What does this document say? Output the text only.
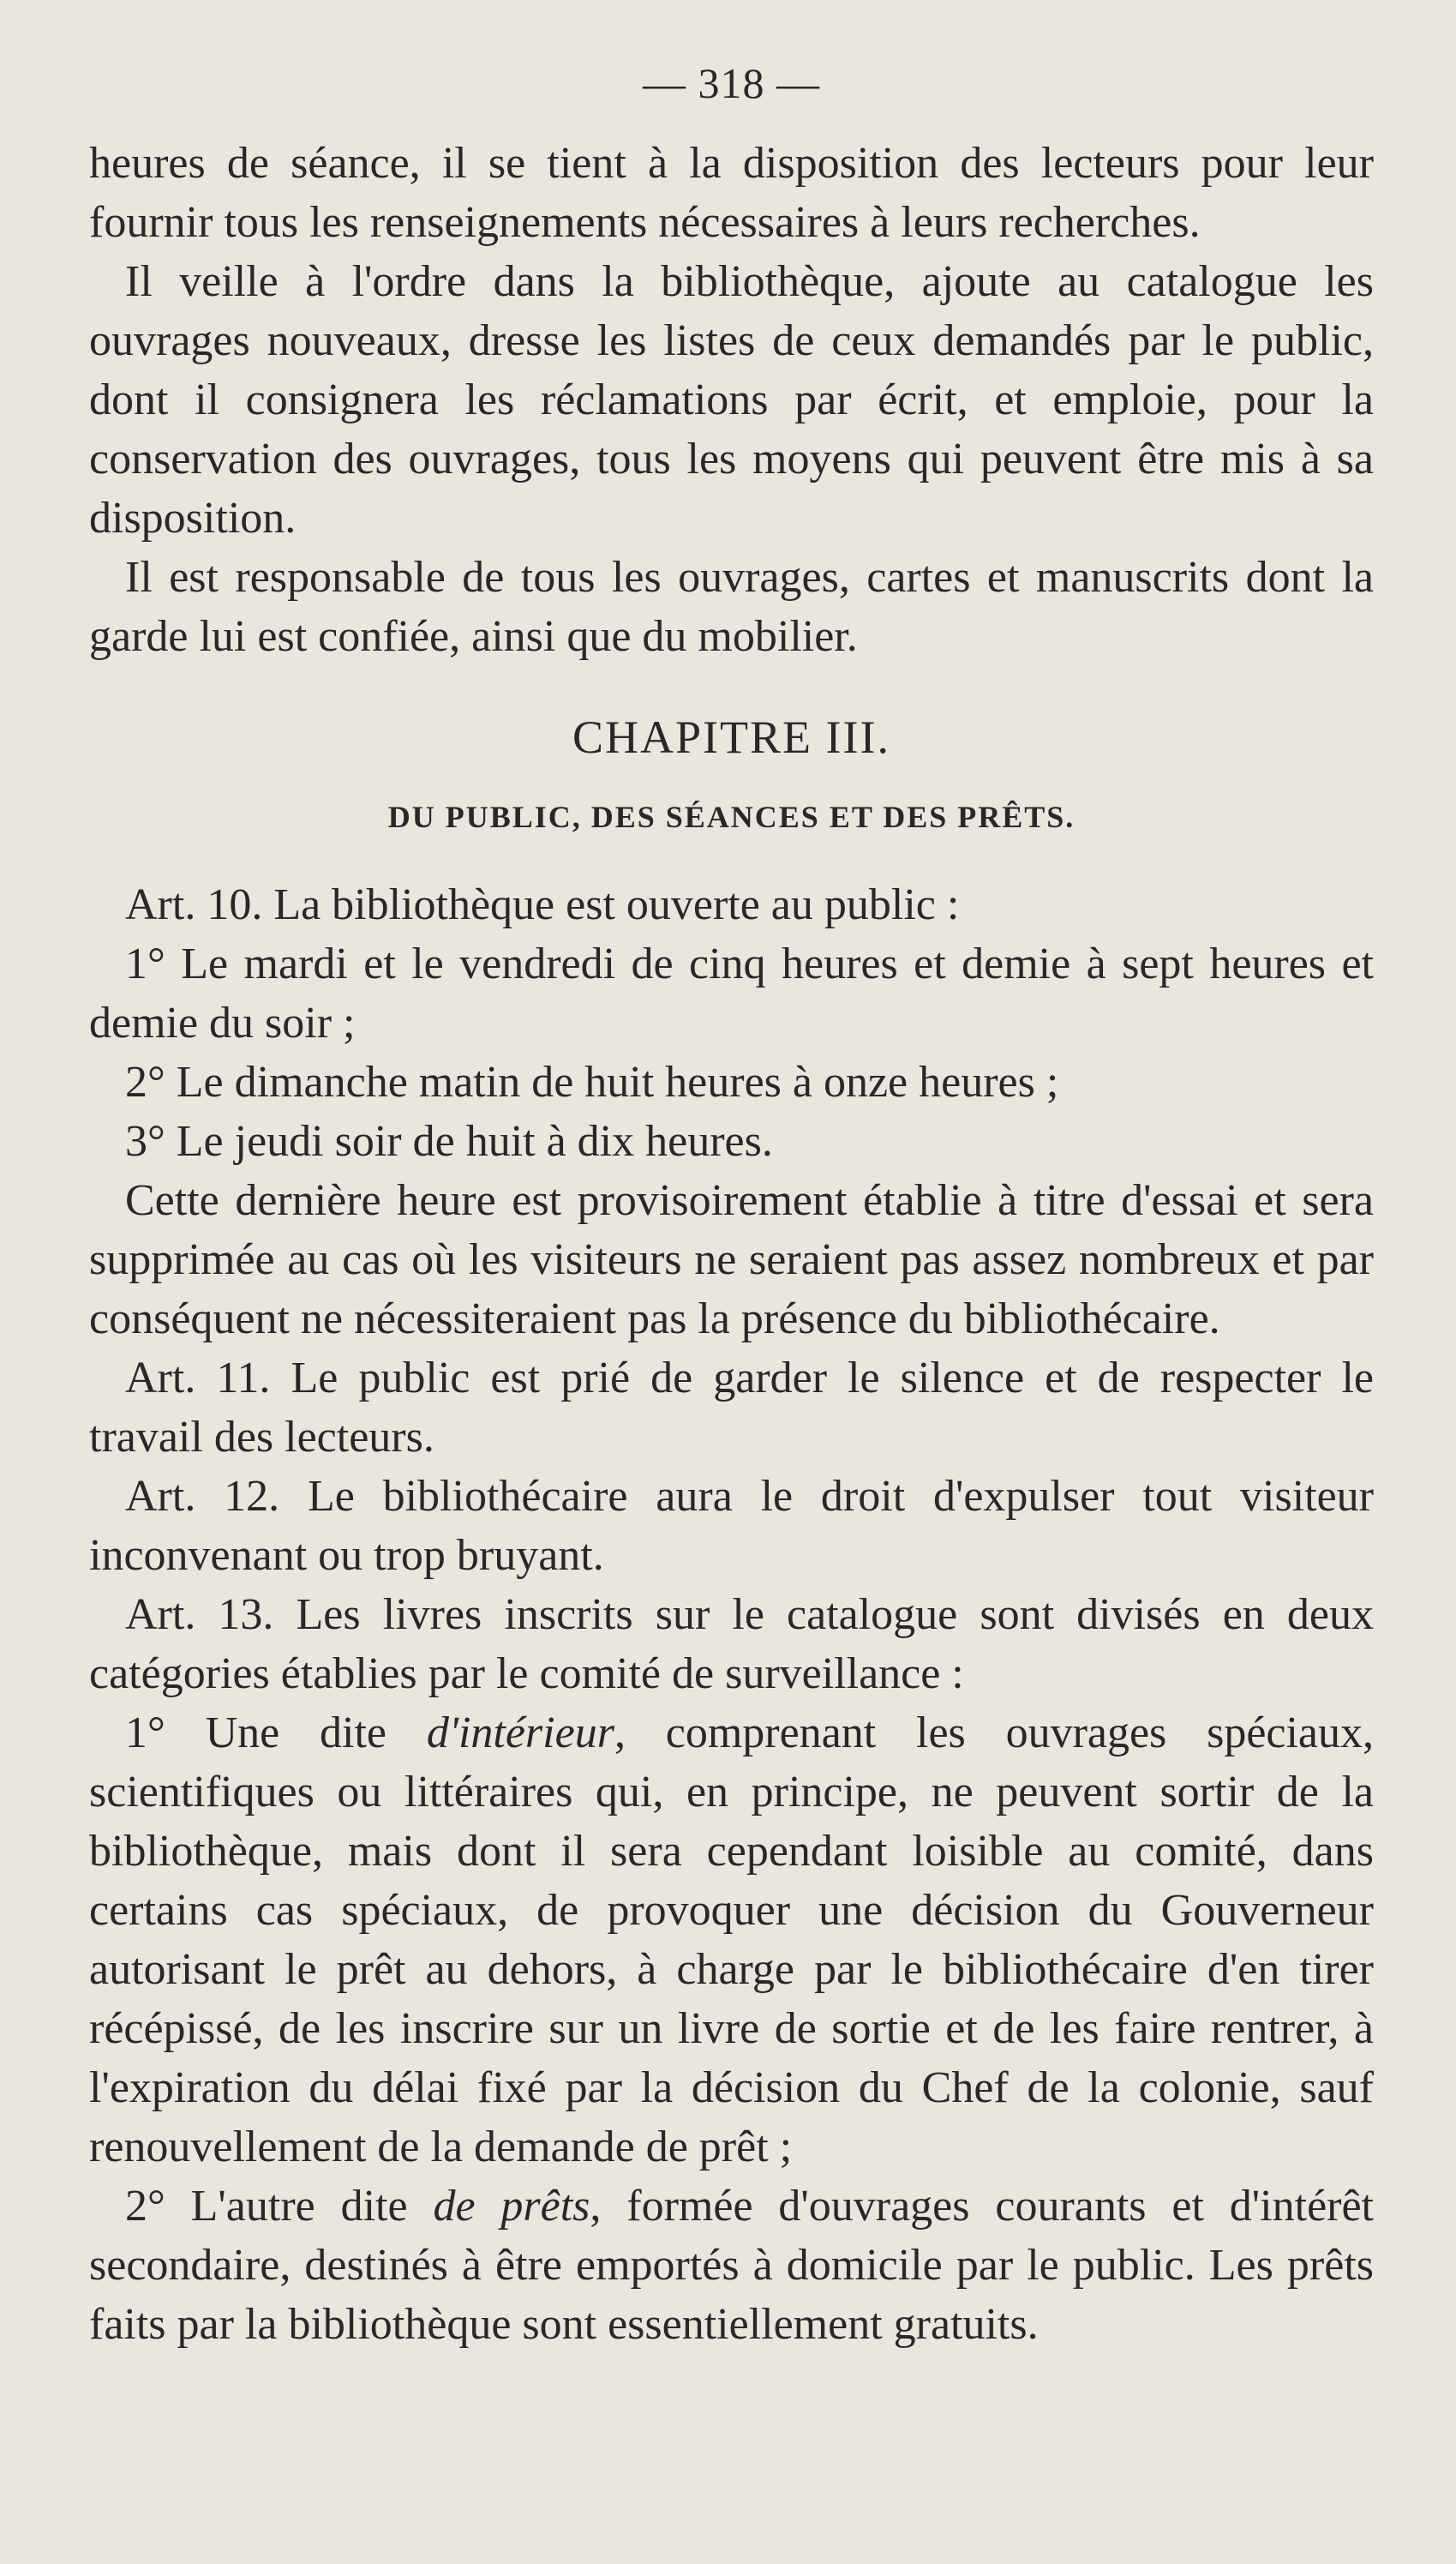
— 318 —

heures de séance, il se tient à la disposition des lecteurs pour leur fournir tous les renseignements nécessaires à leurs recherches.

Il veille à l'ordre dans la bibliothèque, ajoute au catalogue les ouvrages nouveaux, dresse les listes de ceux demandés par le public, dont il consignera les réclamations par écrit, et emploie, pour la conservation des ouvrages, tous les moyens qui peuvent être mis à sa disposition.

Il est responsable de tous les ouvrages, cartes et manuscrits dont la garde lui est confiée, ainsi que du mobilier.

CHAPITRE III.
DU PUBLIC, DES SÉANCES ET DES PRÊTS.

Art. 10. La bibliothèque est ouverte au public :

1° Le mardi et le vendredi de cinq heures et demie à sept heures et demie du soir ;

2° Le dimanche matin de huit heures à onze heures ;

3° Le jeudi soir de huit à dix heures.

Cette dernière heure est provisoirement établie à titre d'essai et sera supprimée au cas où les visiteurs ne seraient pas assez nombreux et par conséquent ne nécessiteraient pas la présence du bibliothécaire.

Art. 11. Le public est prié de garder le silence et de respecter le travail des lecteurs.

Art. 12. Le bibliothécaire aura le droit d'expulser tout visiteur inconvenant ou trop bruyant.

Art. 13. Les livres inscrits sur le catalogue sont divisés en deux catégories établies par le comité de surveillance :

1° Une dite d'intérieur, comprenant les ouvrages spéciaux, scientifiques ou littéraires qui, en principe, ne peuvent sortir de la bibliothèque, mais dont il sera cependant loisible au comité, dans certains cas spéciaux, de provoquer une décision du Gouverneur autorisant le prêt au dehors, à charge par le bibliothécaire d'en tirer récépissé, de les inscrire sur un livre de sortie et de les faire rentrer, à l'expiration du délai fixé par la décision du Chef de la colonie, sauf renouvellement de la demande de prêt ;

2° L'autre dite de prêts, formée d'ouvrages courants et d'intérêt secondaire, destinés à être emportés à domicile par le public. Les prêts faits par la bibliothèque sont essentiellement gratuits.
